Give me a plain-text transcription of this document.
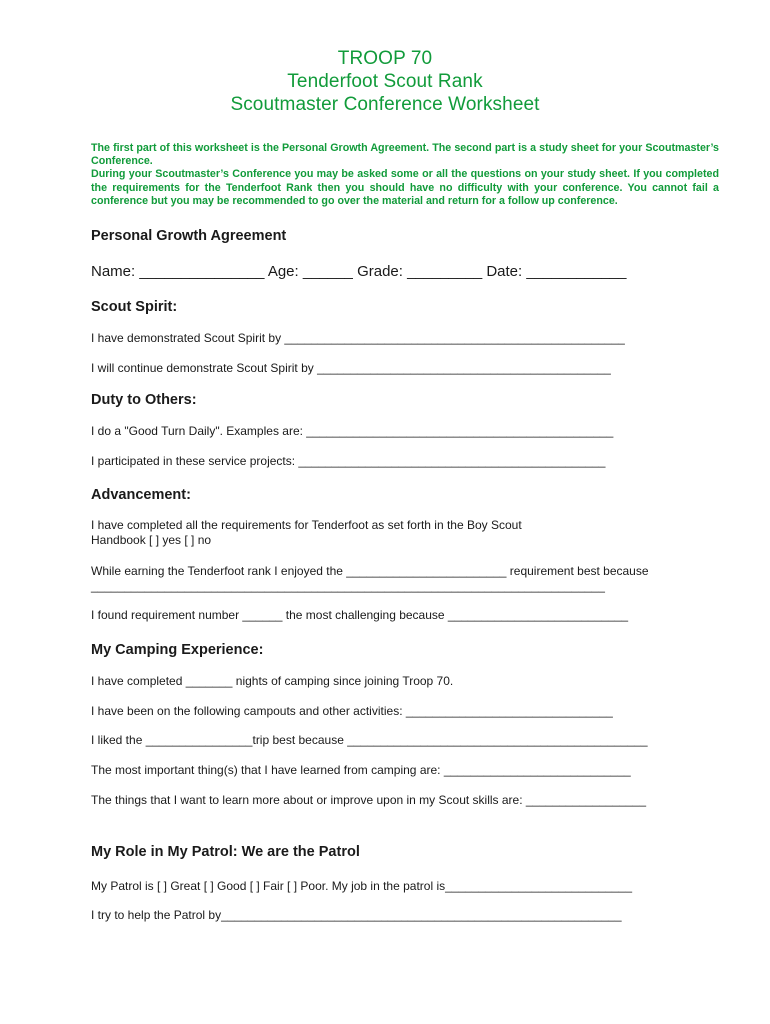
TROOP 70
Tenderfoot Scout Rank
Scoutmaster Conference Worksheet

The first part of this worksheet is the Personal Growth Agreement. The second part is a study sheet for your Scoutmaster’s Conference.

During your Scoutmaster’s Conference you may be asked some or all the questions on your study sheet. If you completed the requirements for the Tenderfoot Rank then you should have no difficulty with your conference. You cannot fail a conference but you may be recommended to go over the material and return for a follow up conference.

Personal Growth Agreement
Name: _______________ Age: ______ Grade: _________ Date: ____________
Scout Spirit:
I have demonstrated Scout Spirit by ___________________________________________________
I will continue demonstrate Scout Spirit by ____________________________________________
Duty to Others:
I do a "Good Turn Daily". Examples are: ______________________________________________
I participated in these service projects: ______________________________________________
Advancement:
I have completed all the requirements for Tenderfoot as set forth in the Boy Scout Handbook [ ] yes [ ] no
While earning the Tenderfoot rank I enjoyed the ________________________ requirement best because
_____________________________________________________________________________
I found requirement number ______ the most challenging because ___________________________
My Camping Experience:
I have completed _______ nights of camping since joining Troop 70.
I have been on the following campouts and other activities: _______________________________
I liked the ________________trip best because _____________________________________________
The most important thing(s) that I have learned from camping are: ____________________________
The things that I want to learn more about or improve upon in my Scout skills are: __________________
My Role in My Patrol: We are the Patrol
My Patrol is [ ] Great [ ] Good [ ] Fair [ ] Poor. My job in the patrol is____________________________
I try to help the Patrol by____________________________________________________________
